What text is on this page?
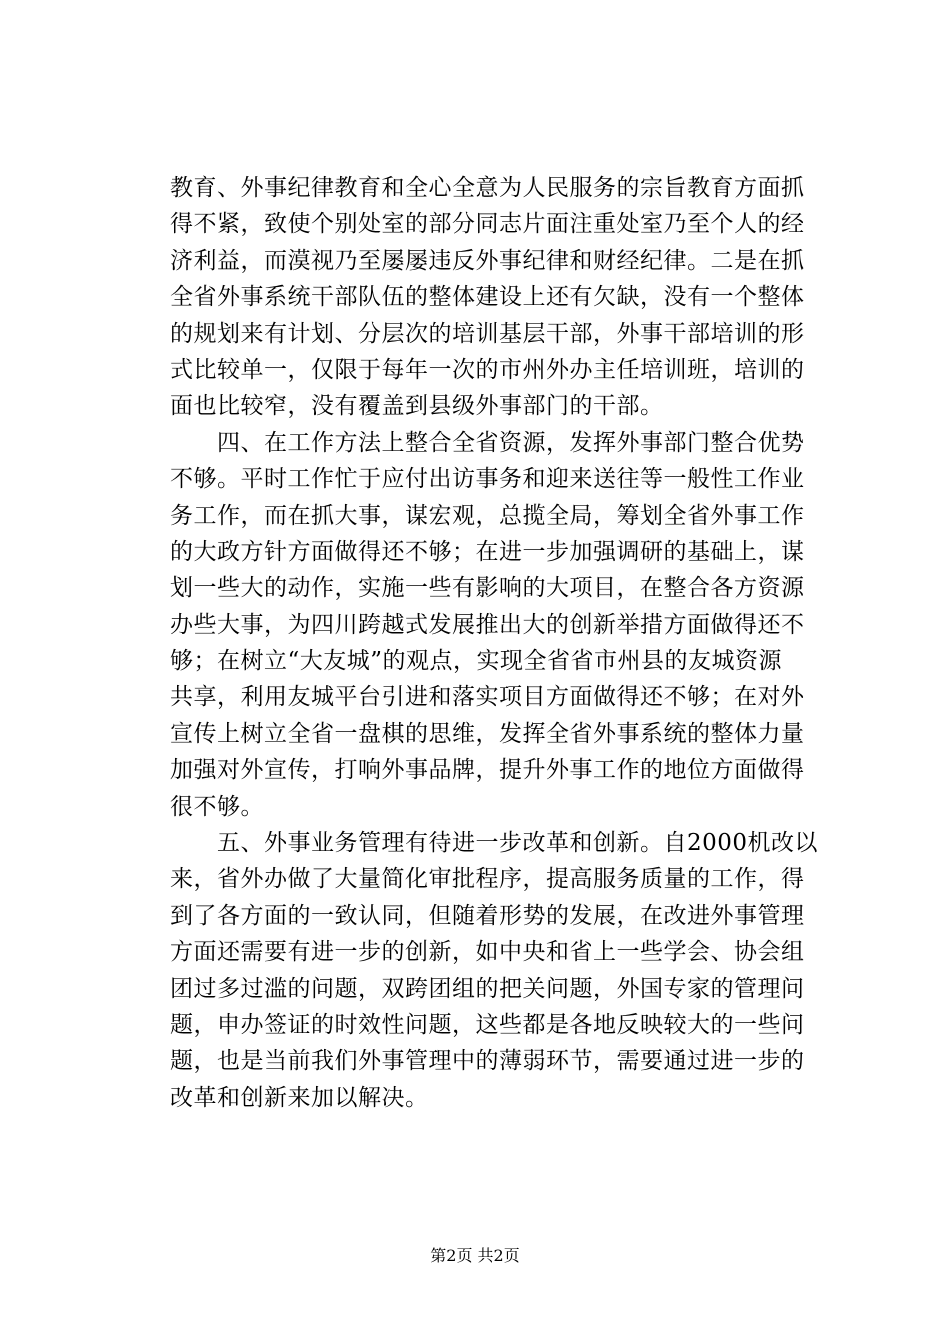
教育、外事纪律教育和全心全意为人民服务的宗旨教育方面抓
得不紧，致使个别处室的部分同志片面注重处室乃至个人的经
济利益，而漠视乃至屡屡违反外事纪律和财经纪律。二是在抓
全省外事系统干部队伍的整体建设上还有欠缺，没有一个整体
的规划来有计划、分层次的培训基层干部，外事干部培训的形
式比较单一，仅限于每年一次的市州外办主任培训班，培训的
面也比较窄，没有覆盖到县级外事部门的干部。
　　四、在工作方法上整合全省资源，发挥外事部门整合优势
不够。平时工作忙于应付出访事务和迎来送往等一般性工作业
务工作，而在抓大事，谋宏观，总揽全局，筹划全省外事工作
的大政方针方面做得还不够；在进一步加强调研的基础上，谋
划一些大的动作，实施一些有影响的大项目，在整合各方资源
办些大事，为四川跨越式发展推出大的创新举措方面做得还不
够；在树立“大友城”的观点，实现全省省市州县的友城资源
共享，利用友城平台引进和落实项目方面做得还不够；在对外
宣传上树立全省一盘棋的思维，发挥全省外事系统的整体力量
加强对外宣传，打响外事品牌，提升外事工作的地位方面做得
很不够。
　　五、外事业务管理有待进一步改革和创新。自2000机改以
来，省外办做了大量简化审批程序，提高服务质量的工作，得
到了各方面的一致认同，但随着形势的发展，在改进外事管理
方面还需要有进一步的创新，如中央和省上一些学会、协会组
团过多过滥的问题，双跨团组的把关问题，外国专家的管理问
题，申办签证的时效性问题，这些都是各地反映较大的一些问
题，也是当前我们外事管理中的薄弱环节，需要通过进一步的
改革和创新来加以解决。
第2页 共2页
